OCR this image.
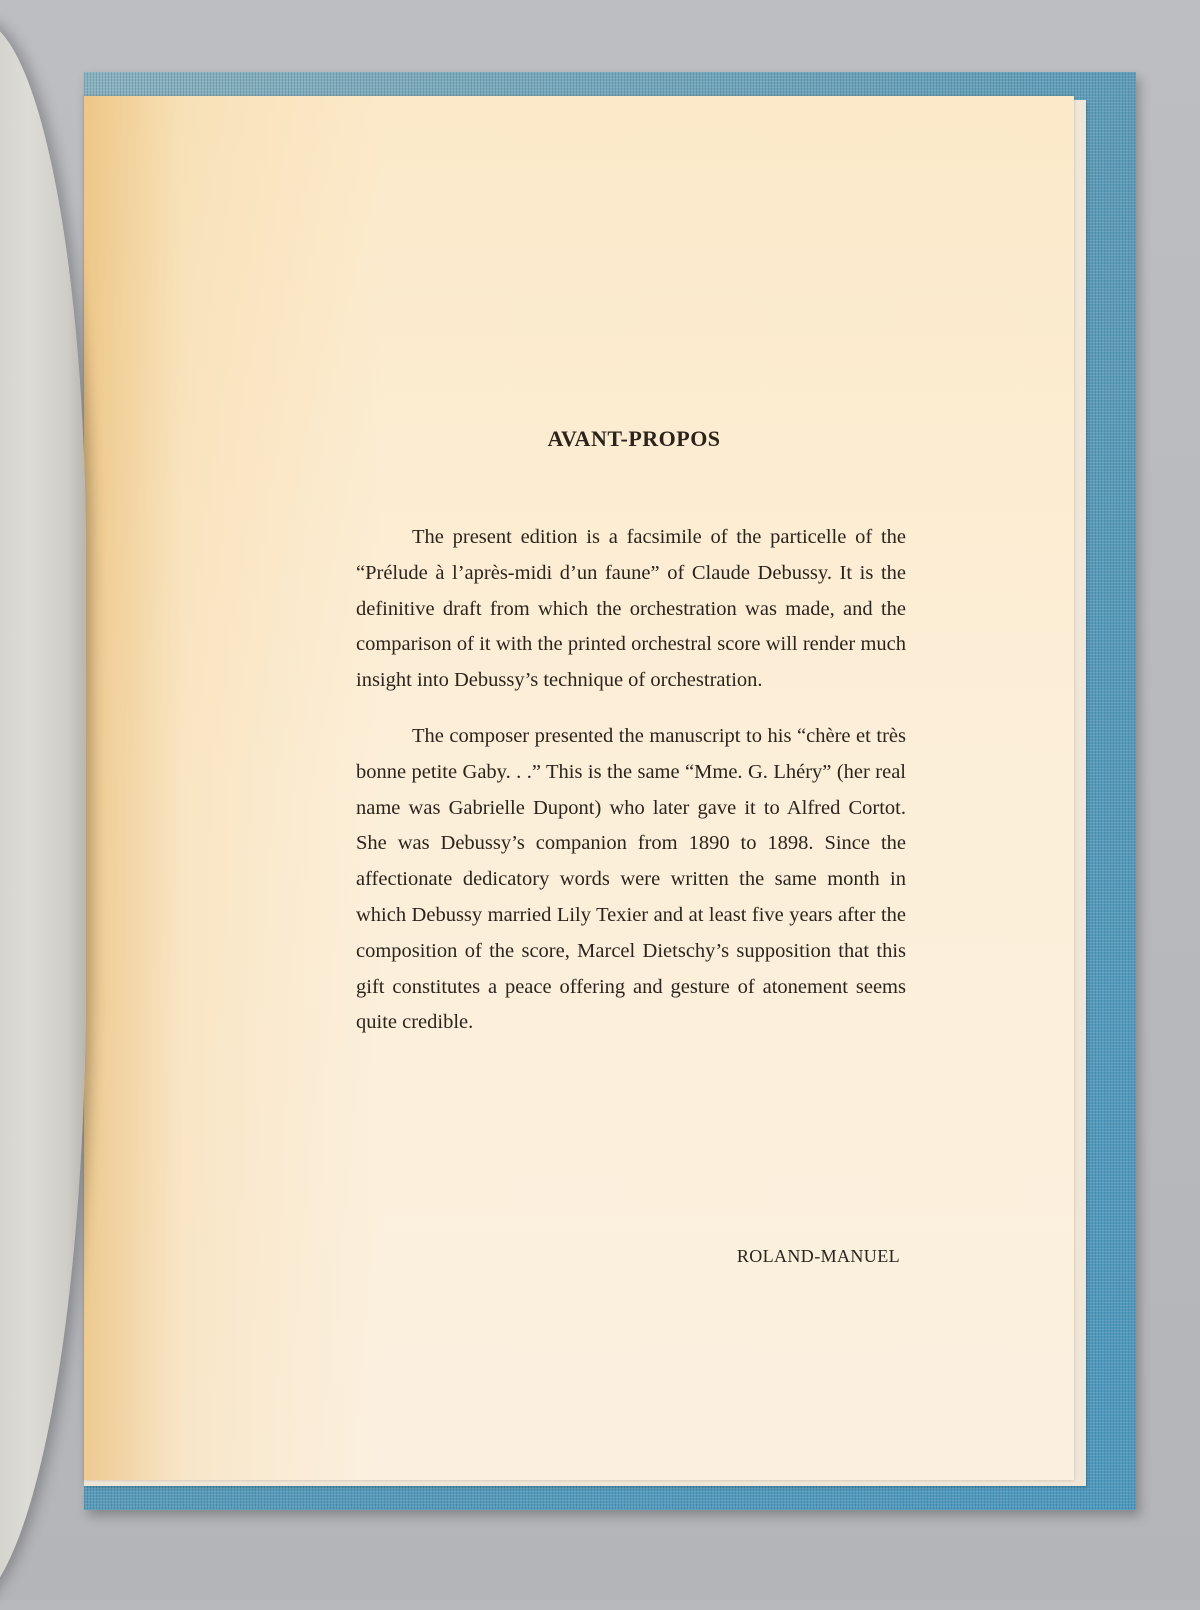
AVANT-PROPOS

The present edition is a facsimile of the particelle of the “Prélude à l’après-midi d’un faune” of Claude Debussy. It is the definitive draft from which the orchestration was made, and the comparison of it with the printed orchestral score will render much insight into Debussy’s technique of orchestration.

The composer presented the manuscript to his “chère et très bonne petite Gaby. . .” This is the same “Mme. G. Lhéry” (her real name was Gabrielle Dupont) who later gave it to Alfred Cortot. She was Debussy’s companion from 1890 to 1898. Since the affectionate dedicatory words were written the same month in which Debussy married Lily Texier and at least five years after the composition of the score, Marcel Dietschy’s supposition that this gift constitutes a peace offering and gesture of atonement seems quite credible.

ROLAND-MANUEL
